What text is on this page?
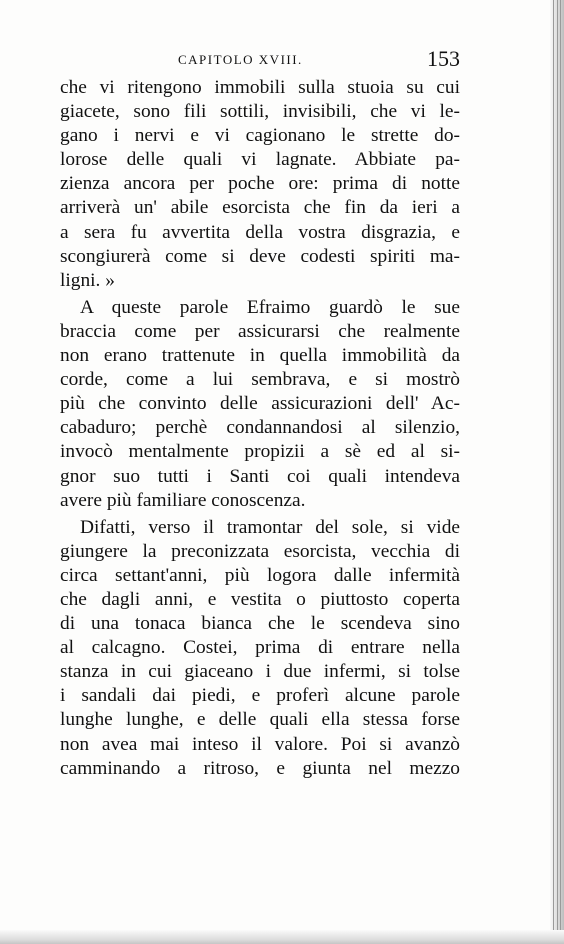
CAPITOLO XVIII.	153
che vi ritengono immobili sulla stuoia su cui
giacete, sono fili sottili, invisibili, che vi le-
gano i nervi e vi cagionano le strette do-
lorose delle quali vi lagnate. Abbiate pa-
zienza ancora per poche ore: prima di notte
arriverà un' abile esorcista che fin da ieri a
a sera fu avvertita della vostra disgrazia, e
scongiurerà come si deve codesti spiriti ma-
ligni. »
A queste parole Efraimo guardò le sue
braccia come per assicurarsi che realmente
non erano trattenute in quella immobilità da
corde, come a lui sembrava, e si mostrò
più che convinto delle assicurazioni dell' Ac-
cabaduro; perchè condannandosi al silenzio,
invocò mentalmente propizii a sè ed al si-
gnor suo tutti i Santi coi quali intendeva
avere più familiare conoscenza.
Difatti, verso il tramontar del sole, si vide
giungere la preconizzata esorcista, vecchia di
circa settant'anni, più logora dalle infermità
che dagli anni, e vestita o piuttosto coperta
di una tonaca bianca che le scendeva sino
al calcagno. Costei, prima di entrare nella
stanza in cui giaceano i due infermi, si tolse
i sandali dai piedi, e proferì alcune parole
lunghe lunghe, e delle quali ella stessa forse
non avea mai inteso il valore. Poi si avanzò
camminando a ritroso, e giunta nel mezzo
